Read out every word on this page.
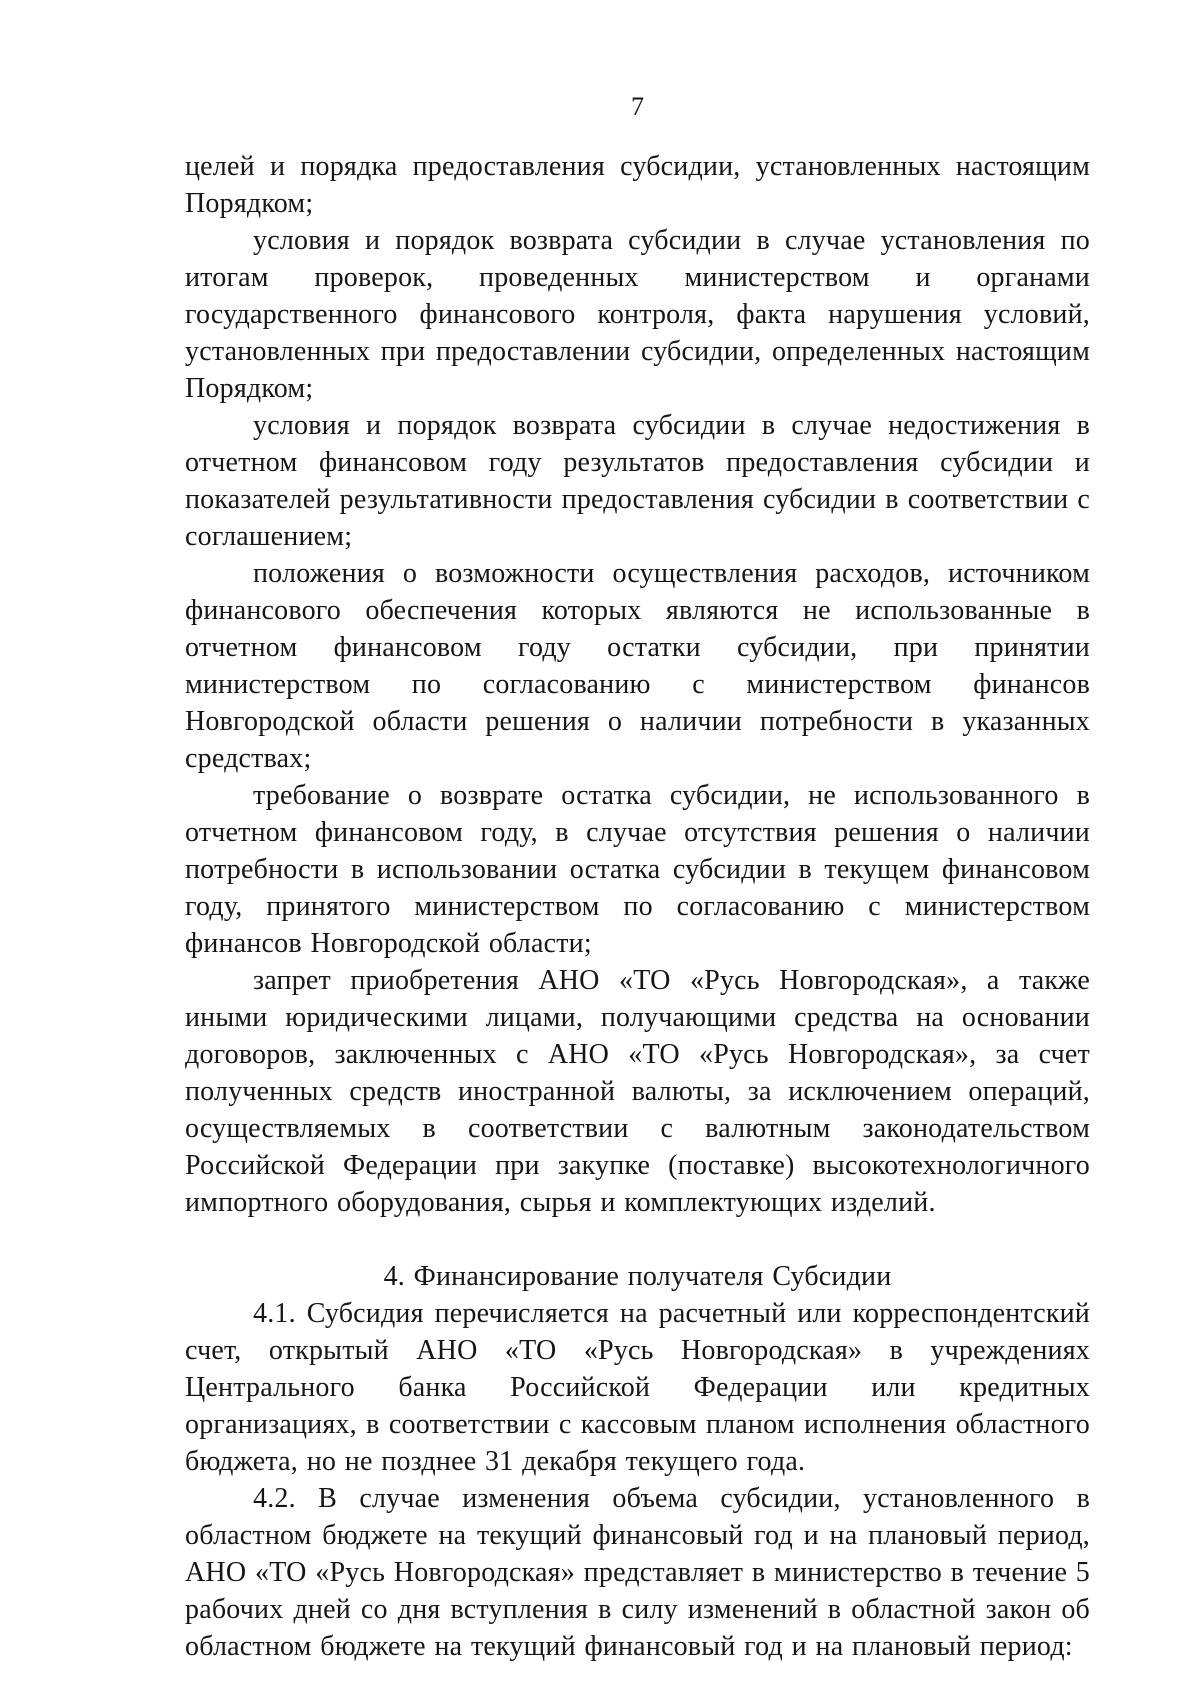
7

целей и порядка предоставления субсидии, установленных настоящим Порядком;

условия и порядок возврата субсидии в случае установления по итогам проверок, проведенных министерством и органами государственного финансового контроля, факта нарушения условий, установленных при предоставлении субсидии, определенных настоящим Порядком;

условия и порядок возврата субсидии в случае недостижения в отчетном финансовом году результатов предоставления субсидии и показателей результативности предоставления субсидии в соответствии с соглашением;

положения о возможности осуществления расходов, источником финансового обеспечения которых являются не использованные в отчетном финансовом году остатки субсидии, при принятии министерством по согласованию с министерством финансов Новгородской области решения о наличии потребности в указанных средствах;

требование о возврате остатка субсидии, не использованного в отчетном финансовом году, в случае отсутствия решения о наличии потребности в использовании остатка субсидии в текущем финансовом году, принятого министерством по согласованию с министерством финансов Новгородской области;

запрет приобретения АНО «ТО «Русь Новгородская», а также иными юридическими лицами, получающими средства на основании договоров, заключенных с АНО «ТО «Русь Новгородская», за счет полученных средств иностранной валюты, за исключением операций, осуществляемых в соответствии с валютным законодательством Российской Федерации при закупке (поставке) высокотехнологичного импортного оборудования, сырья и комплектующих изделий.

4. Финансирование получателя Субсидии

4.1. Субсидия перечисляется на расчетный или корреспондентский счет, открытый АНО «ТО «Русь Новгородская» в учреждениях Центрального банка Российской Федерации или кредитных организациях, в соответствии с кассовым планом исполнения областного бюджета, но не позднее 31 декабря текущего года.

4.2. В случае изменения объема субсидии, установленного в областном бюджете на текущий финансовый год и на плановый период, АНО «ТО «Русь Новгородская» представляет в министерство в течение 5 рабочих дней со дня вступления в силу изменений в областной закон об областном бюджете на текущий финансовый год и на плановый период:
